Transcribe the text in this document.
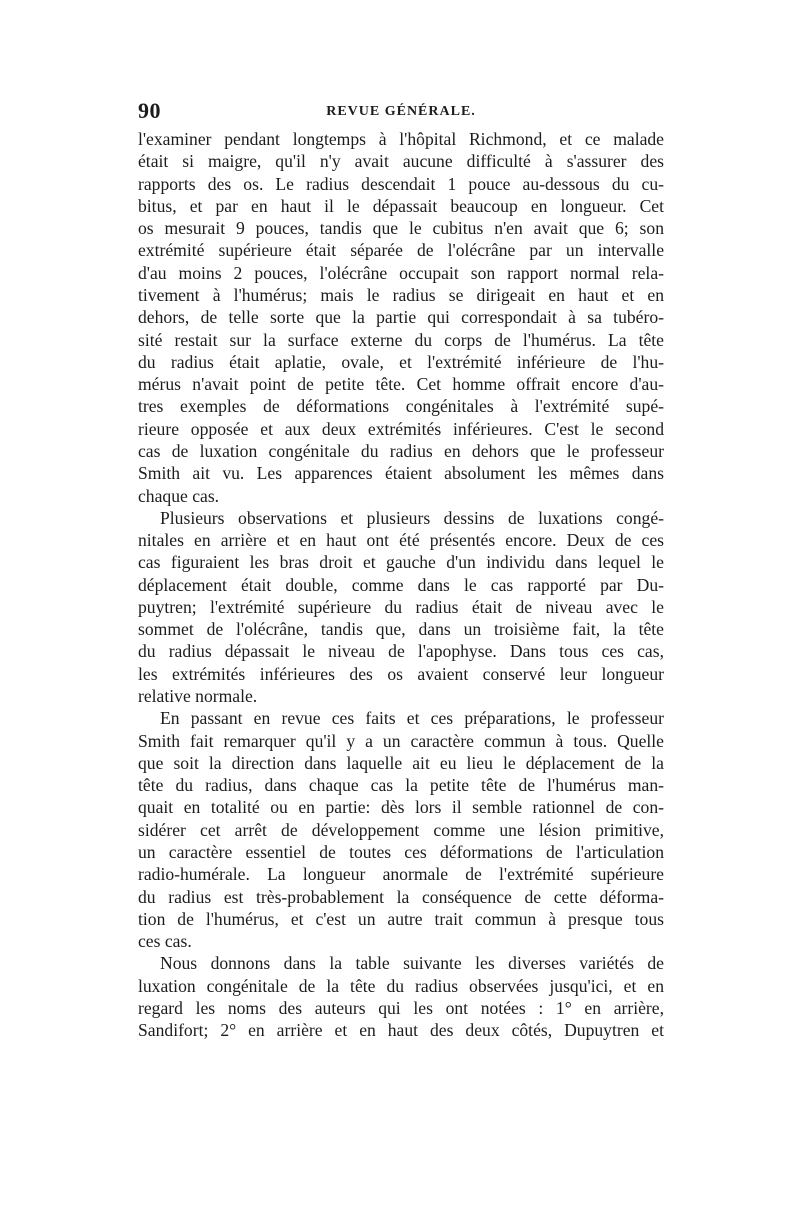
90	REVUE GÉNÉRALE.

l'examiner pendant longtemps à l'hôpital Richmond, et ce malade
était si maigre, qu'il n'y avait aucune difficulté à s'assurer des
rapports des os. Le radius descendait 1 pouce au-dessous du cu-
bitus, et par en haut il le dépassait beaucoup en longueur. Cet
os mesurait 9 pouces, tandis que le cubitus n'en avait que 6; son
extrémité supérieure était séparée de l'olécrâne par un intervalle
d'au moins 2 pouces, l'olécrâne occupait son rapport normal rela-
tivement à l'humérus; mais le radius se dirigeait en haut et en
dehors, de telle sorte que la partie qui correspondait à sa tubéro-
sité restait sur la surface externe du corps de l'humérus. La tête
du radius était aplatie, ovale, et l'extrémité inférieure de l'hu-
mérus n'avait point de petite tête. Cet homme offrait encore d'au-
tres exemples de déformations congénitales à l'extrémité supé-
rieure opposée et aux deux extrémités inférieures. C'est le second
cas de luxation congénitale du radius en dehors que le professeur
Smith ait vu. Les apparences étaient absolument les mêmes dans
chaque cas.

Plusieurs observations et plusieurs dessins de luxations congé-
nitales en arrière et en haut ont été présentés encore. Deux de ces
cas figuraient les bras droit et gauche d'un individu dans lequel le
déplacement était double, comme dans le cas rapporté par Du-
puytren; l'extrémité supérieure du radius était de niveau avec le
sommet de l'olécrâne, tandis que, dans un troisième fait, la tête
du radius dépassait le niveau de l'apophyse. Dans tous ces cas,
les extrémités inférieures des os avaient conservé leur longueur
relative normale.

En passant en revue ces faits et ces préparations, le professeur
Smith fait remarquer qu'il y a un caractère commun à tous. Quelle
que soit la direction dans laquelle ait eu lieu le déplacement de la
tête du radius, dans chaque cas la petite tête de l'humérus man-
quait en totalité ou en partie: dès lors il semble rationnel de con-
sidérer cet arrêt de développement comme une lésion primitive,
un caractère essentiel de toutes ces déformations de l'articulation
radio-humérale. La longueur anormale de l'extrémité supérieure
du radius est très-probablement la conséquence de cette déforma-
tion de l'humérus, et c'est un autre trait commun à presque tous
ces cas.

Nous donnons dans la table suivante les diverses variétés de
luxation congénitale de la tête du radius observées jusqu'ici, et en
regard les noms des auteurs qui les ont notées : 1° en arrière,
Sandifort; 2° en arrière et en haut des deux côtés, Dupuytren et
